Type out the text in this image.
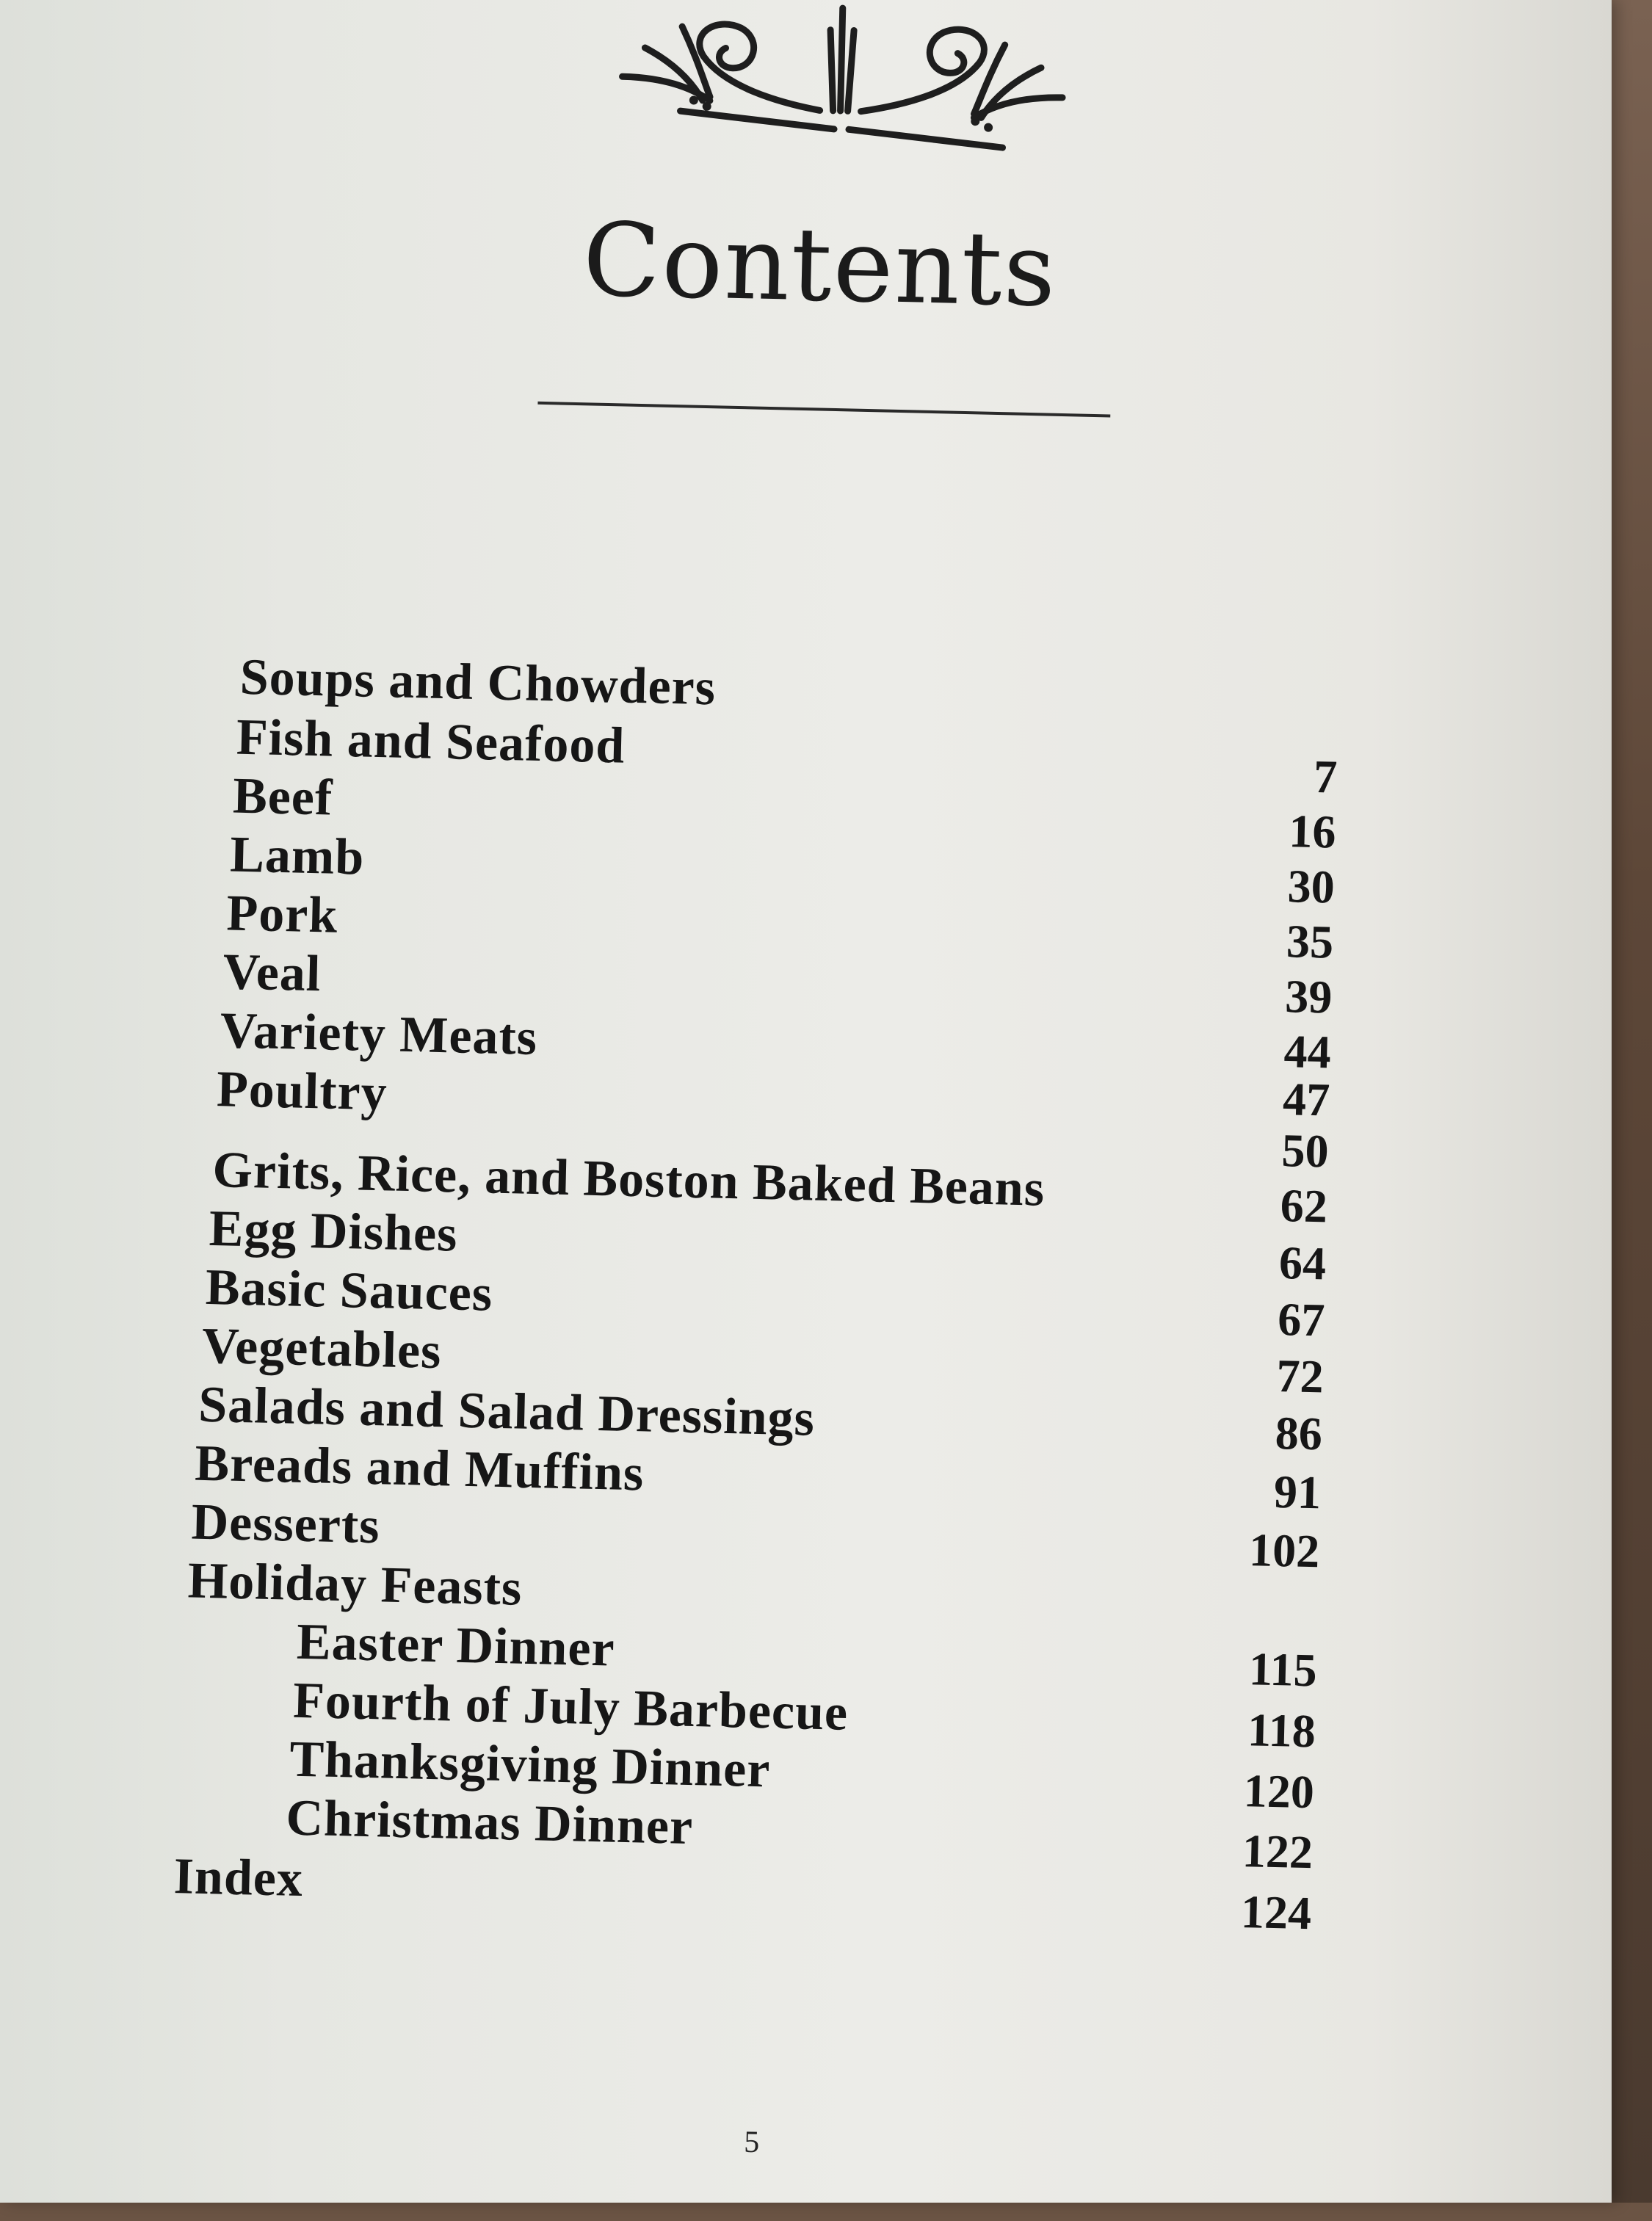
Contents
Soups and Chowders
Fish and Seafood
Beef
Lamb
Pork
Veal
Variety Meats
Poultry
Grits, Rice, and Boston Baked Beans
Egg Dishes
Basic Sauces
Vegetables
Salads and Salad Dressings
Breads and Muffins
Desserts
Holiday Feasts
Easter Dinner
Fourth of July Barbecue
Thanksgiving Dinner
Christmas Dinner
Index
7
16
30
35
39
44
47
50
62
64
67
72
86
91
102
115
118
120
122
124
5
